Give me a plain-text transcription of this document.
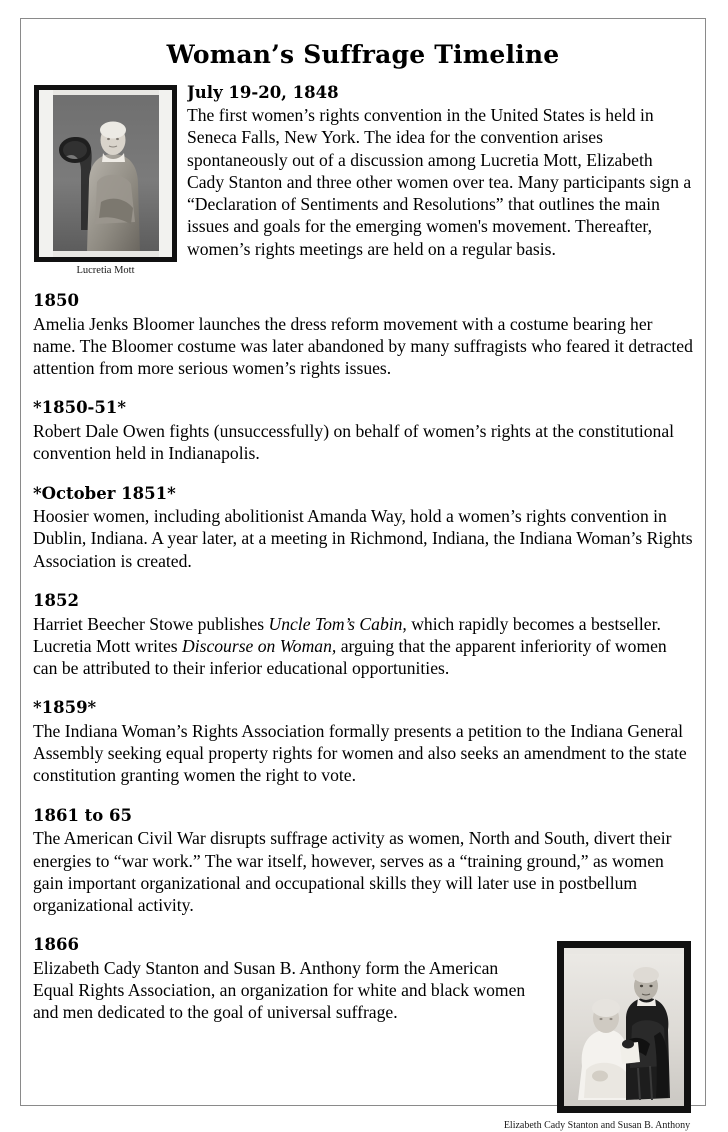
Woman’s Suffrage Timeline
Lucretia Mott
July 19-20, 1848

The first women’s rights convention in the United States is held in Seneca Falls, New York. The idea for the convention arises spontaneously out of a discussion among Lucretia Mott, Elizabeth Cady Stanton and three other women over tea. Many participants sign a “Declaration of Sentiments and Resolutions” that outlines the main issues and goals for the emerging women's movement. Thereafter, women’s rights meetings are held on a regular basis.

1850

Amelia Jenks Bloomer launches the dress reform movement with a costume bearing her name. The Bloomer costume was later abandoned by many suffragists who feared it detracted attention from more serious women’s rights issues.

*1850-51*

Robert Dale Owen fights (unsuccessfully) on behalf of women’s rights at the constitutional convention held in Indianapolis.

*October 1851*

Hoosier women, including abolitionist Amanda Way, hold a women’s rights convention in Dublin, Indiana. A year later, at a meeting in Richmond, Indiana, the Indiana Woman’s Rights Association is created.

1852

Harriet Beecher Stowe publishes Uncle Tom’s Cabin, which rapidly becomes a bestseller. Lucretia Mott writes Discourse on Woman, arguing that the apparent inferiority of women can be attributed to their inferior educational opportunities.

*1859*

The Indiana Woman’s Rights Association formally presents a petition to the Indiana General Assembly seeking equal property rights for women and also seeks an amendment to the state constitution granting women the right to vote.

1861 to 65

The American Civil War disrupts suffrage activity as women, North and South, divert their energies to “war work.” The war itself, however, serves as a “training ground,” as women gain important organizational and occupational skills they will later use in postbellum organizational activity.

Elizabeth Cady Stanton and Susan B. Anthony
1866

Elizabeth Cady Stanton and Susan B. Anthony form the American Equal Rights Association, an organization for white and black women and men dedicated to the goal of universal suffrage.
